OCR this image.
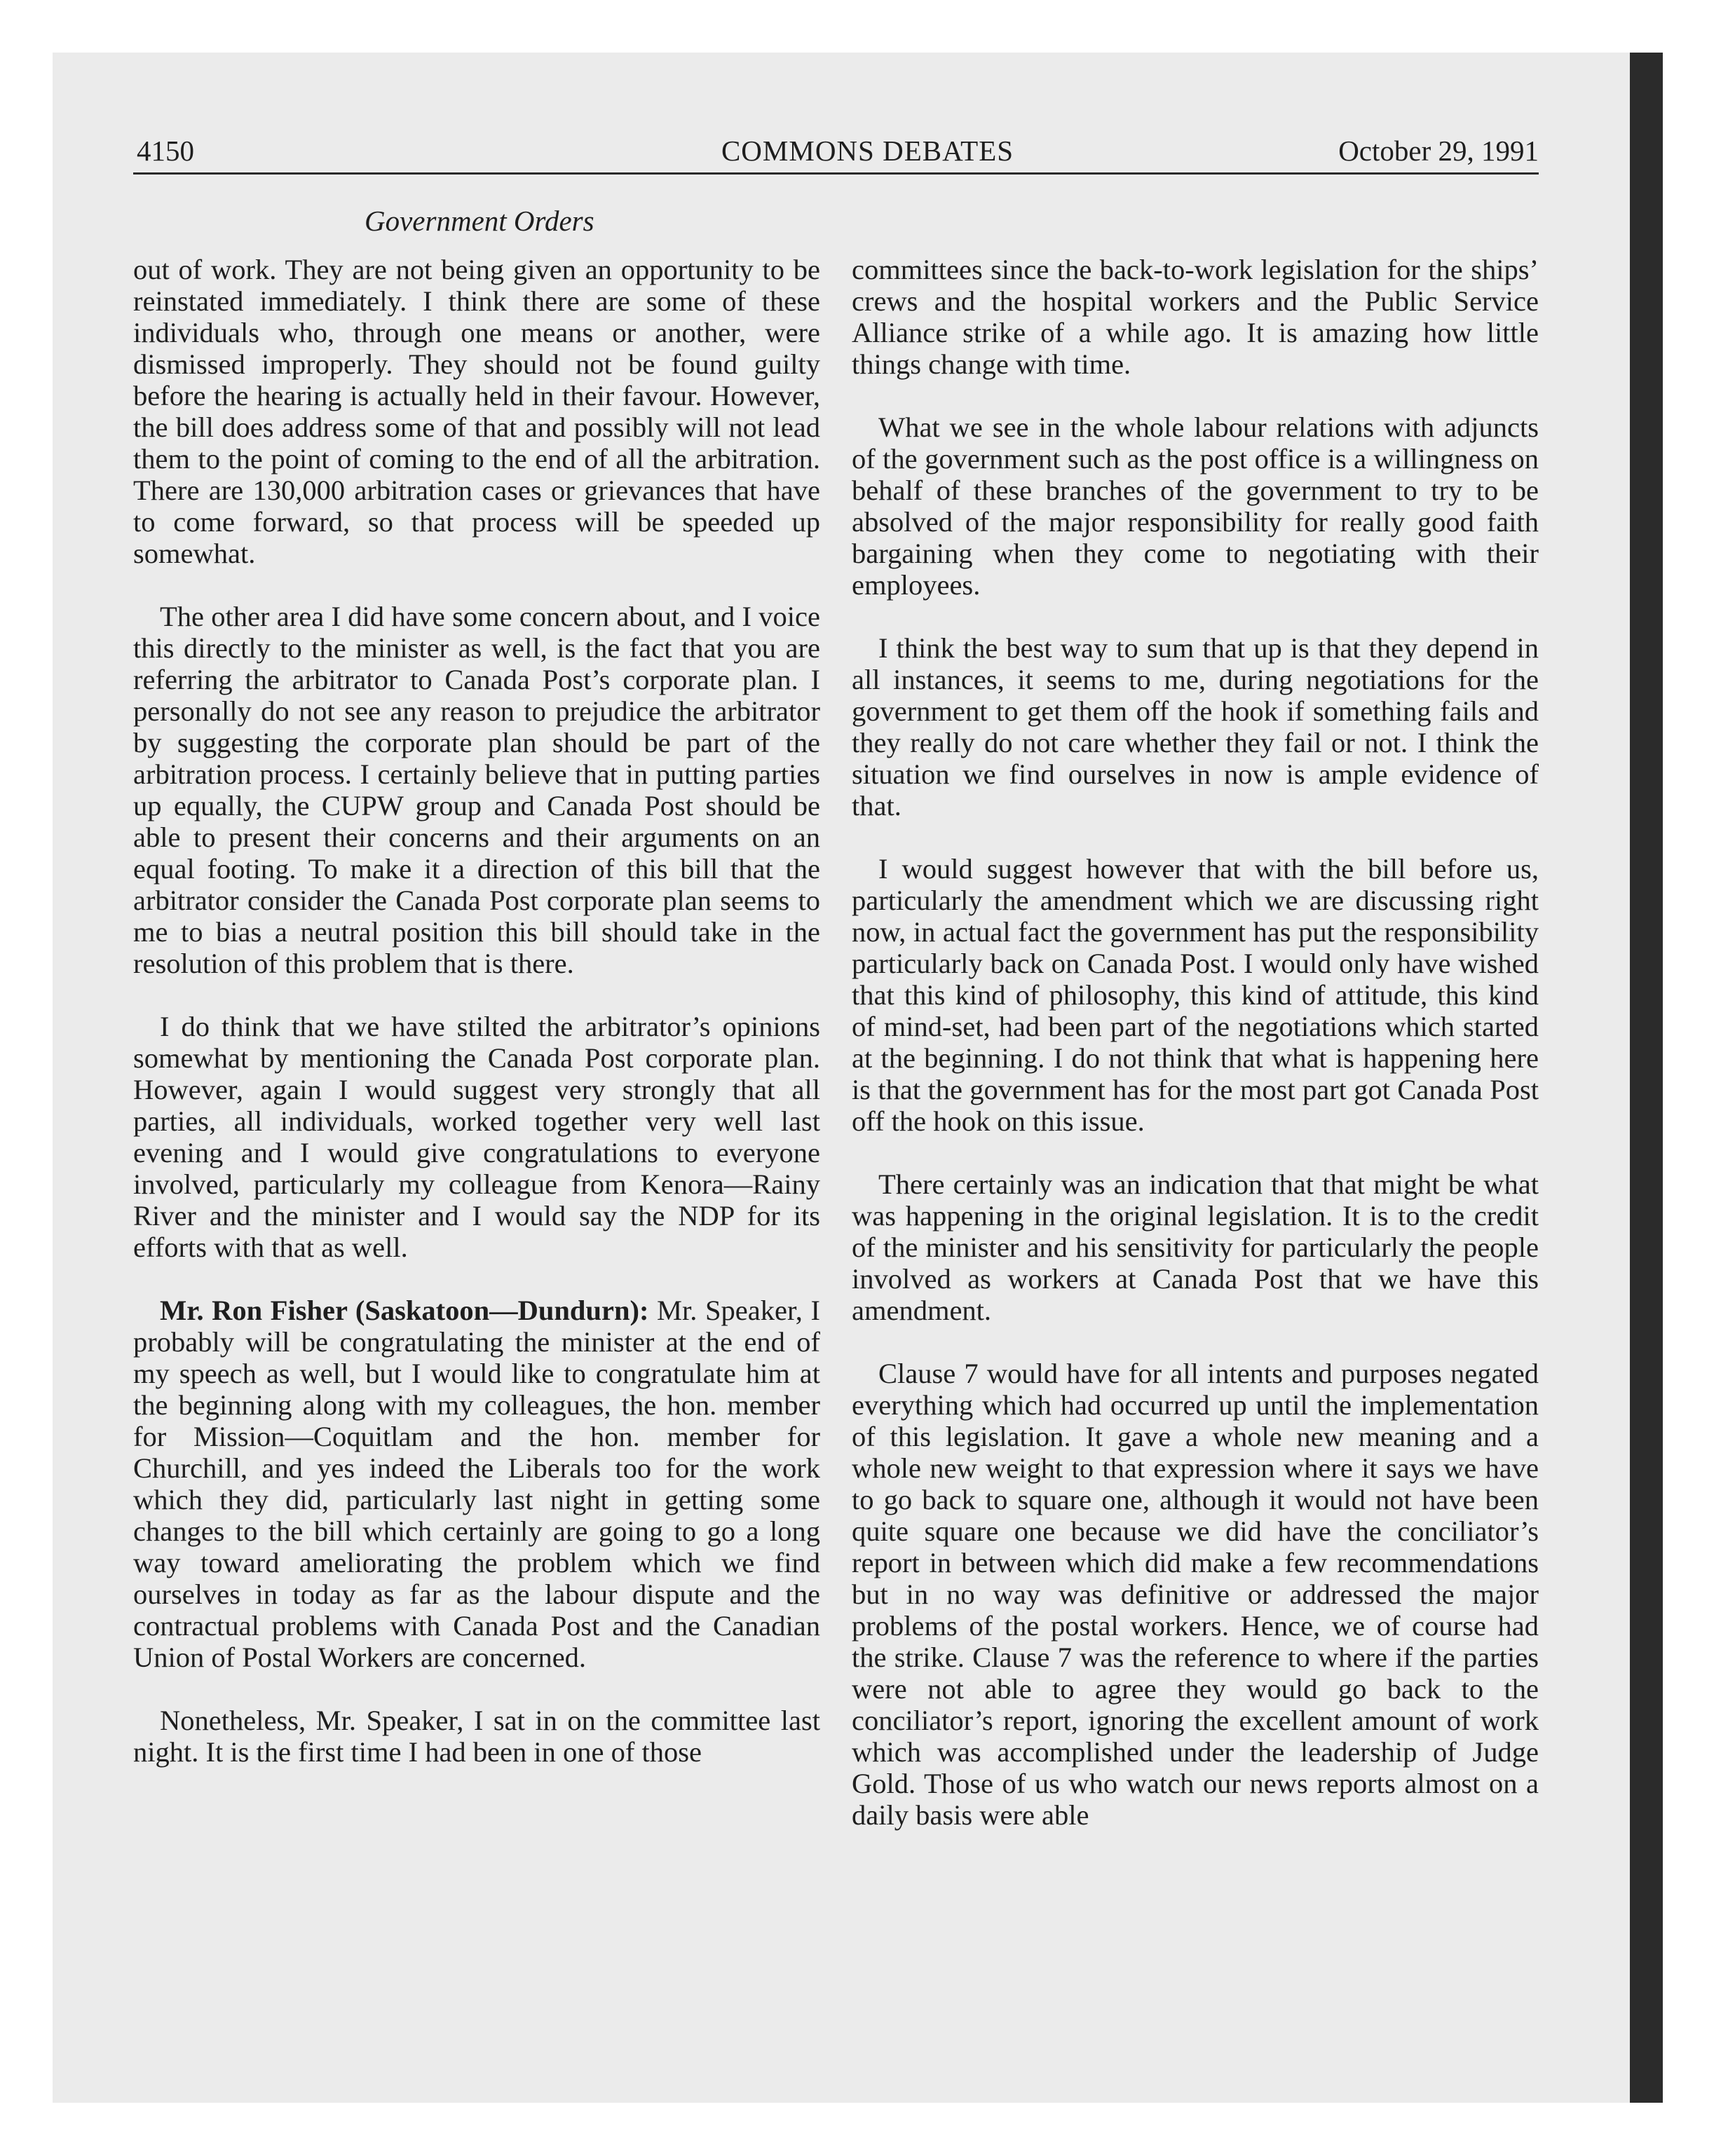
COMMONS DEBATES
4150	October 29, 1991
Government Orders

out of work. They are not being given an opportunity to be reinstated immediately. I think there are some of these individuals who, through one means or another, were dismissed improperly. They should not be found guilty before the hearing is actually held in their favour. However, the bill does address some of that and possibly will not lead them to the point of coming to the end of all the arbitration. There are 130,000 arbitration cases or grievances that have to come forward, so that process will be speeded up somewhat.

The other area I did have some concern about, and I voice this directly to the minister as well, is the fact that you are referring the arbitrator to Canada Post’s corporate plan. I personally do not see any reason to prejudice the arbitrator by suggesting the corporate plan should be part of the arbitration process. I certainly believe that in putting parties up equally, the CUPW group and Canada Post should be able to present their concerns and their arguments on an equal footing. To make it a direction of this bill that the arbitrator consider the Canada Post corporate plan seems to me to bias a neutral position this bill should take in the resolution of this problem that is there.

I do think that we have stilted the arbitrator’s opinions somewhat by mentioning the Canada Post corporate plan. However, again I would suggest very strongly that all parties, all individuals, worked together very well last evening and I would give congratulations to everyone involved, particularly my colleague from Kenora—Rainy River and the minister and I would say the NDP for its efforts with that as well.

Mr. Ron Fisher (Saskatoon—Dundurn): Mr. Speaker, I probably will be congratulating the minister at the end of my speech as well, but I would like to congratulate him at the beginning along with my colleagues, the hon. member for Mission—Coquitlam and the hon. member for Churchill, and yes indeed the Liberals too for the work which they did, particularly last night in getting some changes to the bill which certainly are going to go a long way toward ameliorating the problem which we find ourselves in today as far as the labour dispute and the contractual problems with Canada Post and the Canadian Union of Postal Workers are concerned.

Nonetheless, Mr. Speaker, I sat in on the committee last night. It is the first time I had been in one of those

committees since the back-to-work legislation for the ships’ crews and the hospital workers and the Public Service Alliance strike of a while ago. It is amazing how little things change with time.

What we see in the whole labour relations with adjuncts of the government such as the post office is a willingness on behalf of these branches of the government to try to be absolved of the major responsibility for really good faith bargaining when they come to negotiating with their employees.

I think the best way to sum that up is that they depend in all instances, it seems to me, during negotiations for the government to get them off the hook if something fails and they really do not care whether they fail or not. I think the situation we find ourselves in now is ample evidence of that.

I would suggest however that with the bill before us, particularly the amendment which we are discussing right now, in actual fact the government has put the responsibility particularly back on Canada Post. I would only have wished that this kind of philosophy, this kind of attitude, this kind of mind-set, had been part of the negotiations which started at the beginning. I do not think that what is happening here is that the government has for the most part got Canada Post off the hook on this issue.

There certainly was an indication that that might be what was happening in the original legislation. It is to the credit of the minister and his sensitivity for particularly the people involved as workers at Canada Post that we have this amendment.

Clause 7 would have for all intents and purposes negated everything which had occurred up until the implementation of this legislation. It gave a whole new meaning and a whole new weight to that expression where it says we have to go back to square one, although it would not have been quite square one because we did have the conciliator’s report in between which did make a few recommendations but in no way was definitive or addressed the major problems of the postal workers. Hence, we of course had the strike. Clause 7 was the reference to where if the parties were not able to agree they would go back to the conciliator’s report, ignoring the excellent amount of work which was accomplished under the leadership of Judge Gold. Those of us who watch our news reports almost on a daily basis were able
